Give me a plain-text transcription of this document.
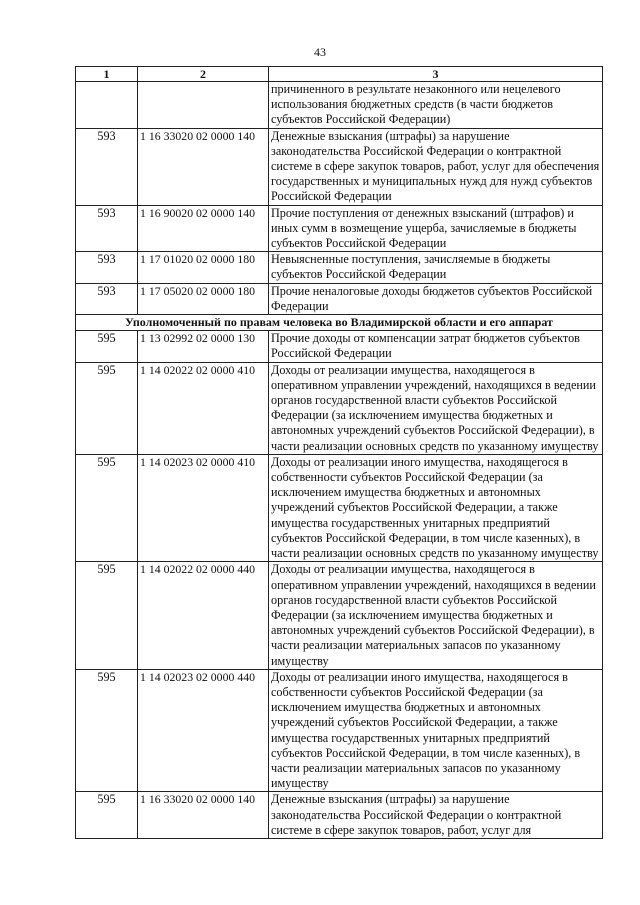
43
1	2	3
		причиненного в результате незаконного или нецелевого использования бюджетных средств (в части бюджетов субъектов Российской Федерации)
593	1 16 33020 02 0000 140	Денежные взыскания (штрафы) за нарушение законодательства Российской Федерации о контрактной системе в сфере закупок товаров, работ, услуг для обеспечения государственных и муниципальных нужд для нужд субъектов Российской Федерации
593	1 16 90020 02 0000 140	Прочие поступления от денежных взысканий (штрафов) и иных сумм в возмещение ущерба, зачисляемые в бюджеты субъектов Российской Федерации
593	1 17 01020 02 0000 180	Невыясненные поступления, зачисляемые в бюджеты субъектов Российской Федерации
593	1 17 05020 02 0000 180	Прочие неналоговые доходы бюджетов субъектов Российской Федерации
Уполномоченный по правам человека во Владимирской области и его аппарат		
595	1 13 02992 02 0000 130	Прочие доходы от компенсации затрат бюджетов субъектов Российской Федерации
595	1 14 02022 02 0000 410	Доходы от реализации имущества, находящегося в оперативном управлении учреждений, находящихся в ведении органов государственной власти субъектов Российской Федерации (за исключением имущества бюджетных и автономных учреждений субъектов Российской Федерации), в части реализации основных средств по указанному имуществу
595	1 14 02023 02 0000 410	Доходы от реализации иного имущества, находящегося в собственности субъектов Российской Федерации (за исключением имущества бюджетных и автономных учреждений субъектов Российской Федерации, а также имущества государственных унитарных предприятий субъектов Российской Федерации, в том числе казенных), в части реализации основных средств по указанному имуществу
595	1 14 02022 02 0000 440	Доходы от реализации имущества, находящегося в оперативном управлении учреждений, находящихся в ведении органов государственной власти субъектов Российской Федерации (за исключением имущества бюджетных и автономных учреждений субъектов Российской Федерации), в части реализации материальных запасов по указанному имуществу
595	1 14 02023 02 0000 440	Доходы от реализации иного имущества, находящегося в собственности субъектов Российской Федерации (за исключением имущества бюджетных и автономных учреждений субъектов Российской Федерации, а также имущества государственных унитарных предприятий субъектов Российской Федерации, в том числе казенных), в части реализации материальных запасов по указанному имуществу
595	1 16 33020 02 0000 140	Денежные взыскания (штрафы) за нарушение законодательства Российской Федерации о контрактной системе в сфере закупок товаров, работ, услуг для
